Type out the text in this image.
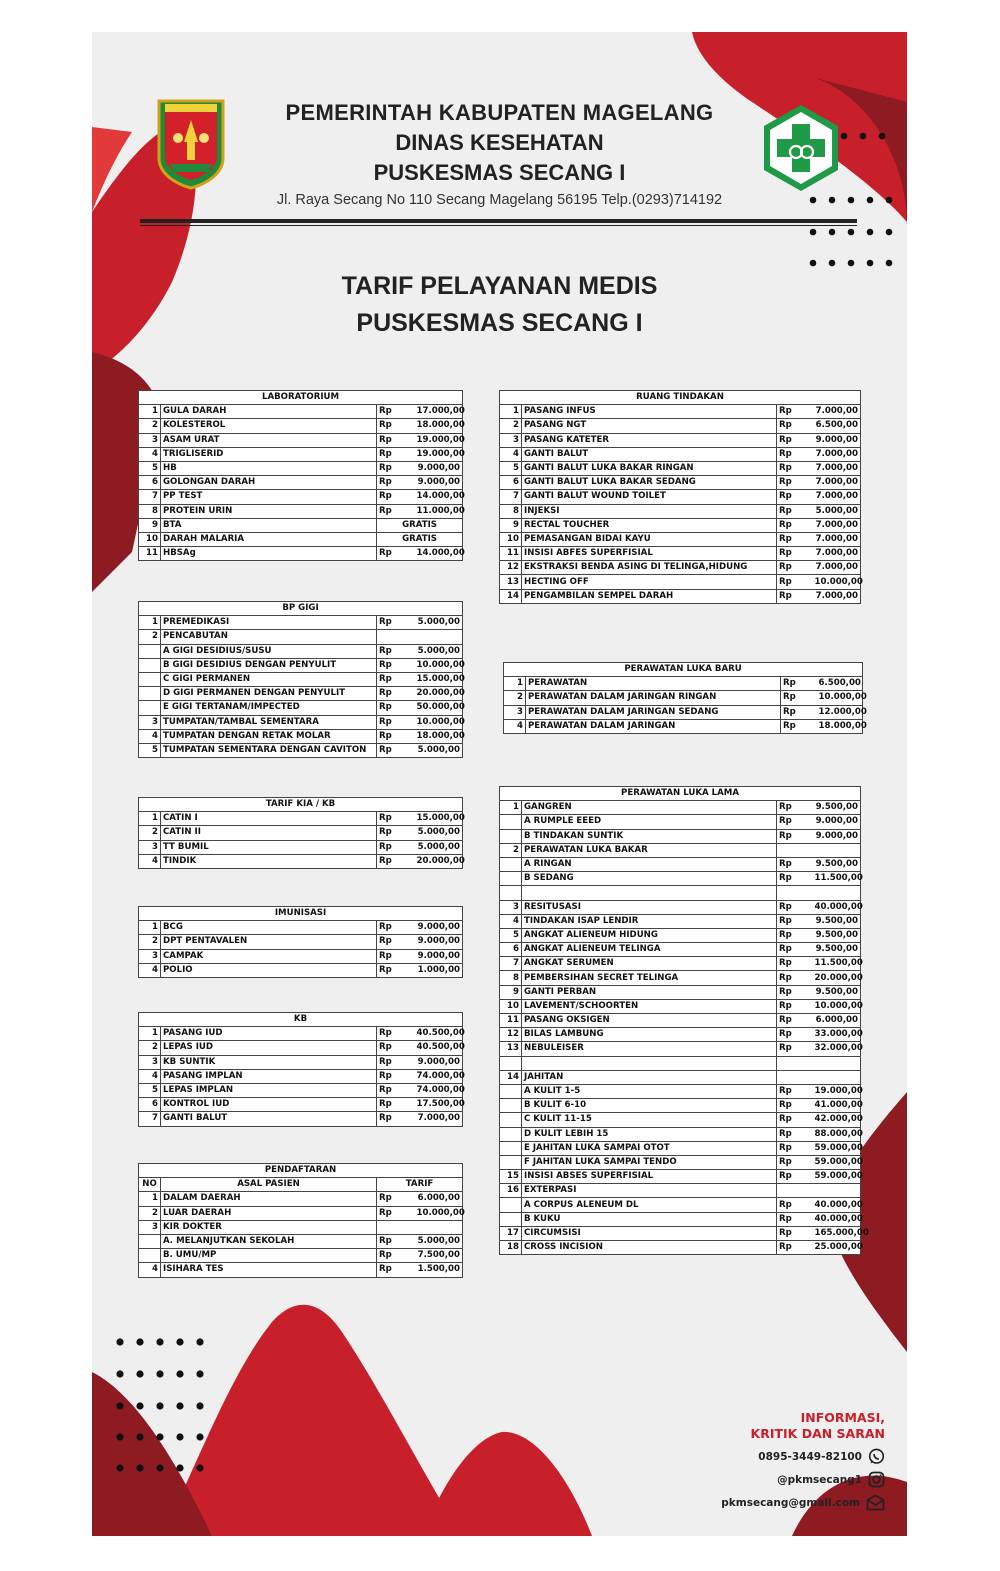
PEMERINTAH KABUPATEN MAGELANG
DINAS KESEHATAN
PUSKESMAS SECANG I
Jl. Raya Secang No 110 Secang Magelang 56195 Telp.(0293)714192
TARIF PELAYANAN MEDIS
PUSKESMAS SECANG I
LABORATORIUM			
1	GULA DARAH	Rp	17.000,00
2	KOLESTEROL	Rp	18.000,00
3	ASAM URAT	Rp	19.000,00
4	TRIGLISERID	Rp	19.000,00
5	HB	Rp	9.000,00
6	GOLONGAN DARAH	Rp	9.000,00
7	PP TEST	Rp	14.000,00
8	PROTEIN URIN	Rp	11.000,00
9	BTA	GRATIS	
10	DARAH MALARIA	GRATIS	
11	HBSAg	Rp	14.000,00
BP GIGI			
1	PREMEDIKASI	Rp	5.000,00
2	PENCABUTAN		
	A GIGI DESIDIUS/SUSU	Rp	5.000,00
	B GIGI DESIDIUS DENGAN PENYULIT	Rp	10.000,00
	C GIGI PERMANEN	Rp	15.000,00
	D GIGI PERMANEN DENGAN PENYULIT	Rp	20.000,00
	E GIGI TERTANAM/IMPECTED	Rp	50.000,00
3	TUMPATAN/TAMBAL SEMENTARA	Rp	10.000,00
4	TUMPATAN DENGAN RETAK MOLAR	Rp	18.000,00
5	TUMPATAN SEMENTARA DENGAN CAVITON	Rp	5.000,00
TARIF KIA / KB			
1	CATIN I	Rp	15.000,00
2	CATIN II	Rp	5.000,00
3	TT BUMIL	Rp	5.000,00
4	TINDIK	Rp	20.000,00
IMUNISASI			
1	BCG	Rp	9.000,00
2	DPT PENTAVALEN	Rp	9.000,00
3	CAMPAK	Rp	9.000,00
4	POLIO	Rp	1.000,00
KB			
1	PASANG IUD	Rp	40.500,00
2	LEPAS IUD	Rp	40.500,00
3	KB SUNTIK	Rp	9.000,00
4	PASANG IMPLAN	Rp	74.000,00
5	LEPAS IMPLAN	Rp	74.000,00
6	KONTROL IUD	Rp	17.500,00
7	GANTI BALUT	Rp	7.000,00
PENDAFTARAN			
NO	ASAL PASIEN	TARIF	
1	DALAM DAERAH	Rp	6.000,00
2	LUAR DAERAH	Rp	10.000,00
3	KIR DOKTER		
	A. MELANJUTKAN SEKOLAH	Rp	5.000,00
	B. UMU/MP	Rp	7.500,00
4	ISIHARA TES	Rp	1.500,00
RUANG TINDAKAN			
1	PASANG INFUS	Rp	7.000,00
2	PASANG NGT	Rp	6.500,00
3	PASANG KATETER	Rp	9.000,00
4	GANTI BALUT	Rp	7.000,00
5	GANTI BALUT LUKA BAKAR RINGAN	Rp	7.000,00
6	GANTI BALUT LUKA BAKAR SEDANG	Rp	7.000,00
7	GANTI BALUT WOUND TOILET	Rp	7.000,00
8	INJEKSI	Rp	5.000,00
9	RECTAL TOUCHER	Rp	7.000,00
10	PEMASANGAN BIDAI KAYU	Rp	7.000,00
11	INSISI ABFES SUPERFISIAL	Rp	7.000,00
12	EKSTRAKSI BENDA ASING DI TELINGA,HIDUNG	Rp	7.000,00
13	HECTING OFF	Rp	10.000,00
14	PENGAMBILAN SEMPEL DARAH	Rp	7.000,00
PERAWATAN LUKA BARU			
1	PERAWATAN	Rp	6.500,00
2	PERAWATAN DALAM JARINGAN RINGAN	Rp	10.000,00
3	PERAWATAN DALAM JARINGAN SEDANG	Rp	12.000,00
4	PERAWATAN DALAM JARINGAN	Rp	18.000,00
PERAWATAN LUKA LAMA			
1	GANGREN	Rp	9.500,00
	A RUMPLE EEED	Rp	9.000,00
	B TINDAKAN SUNTIK	Rp	9.000,00
2	PERAWATAN LUKA BAKAR		
	A RINGAN	Rp	9.500,00
	B SEDANG	Rp	11.500,00

3	RESITUSASI	Rp	40.000,00
4	TINDAKAN ISAP LENDIR	Rp	9.500,00
5	ANGKAT ALIENEUM HIDUNG	Rp	9.500,00
6	ANGKAT ALIENEUM TELINGA	Rp	9.500,00
7	ANGKAT SERUMEN	Rp	11.500,00
8	PEMBERSIHAN SECRET TELINGA	Rp	20.000,00
9	GANTI PERBAN	Rp	9.500,00
10	LAVEMENT/SCHOORTEN	Rp	10.000,00
11	PASANG OKSIGEN	Rp	6.000,00
12	BILAS LAMBUNG	Rp	33.000,00
13	NEBULEISER	Rp	32.000,00

14	JAHITAN		
	A KULIT 1-5	Rp	19.000,00
	B KULIT 6-10	Rp	41.000,00
	C KULIT 11-15	Rp	42.000,00
	D KULIT LEBIH 15	Rp	88.000,00
	E JAHITAN LUKA SAMPAI OTOT	Rp	59.000,00
	F JAHITAN LUKA SAMPAI TENDO	Rp	59.000,00
15	INSISI ABSES SUPERFISIAL	Rp	59.000,00
16	EXTERPASI		
	A CORPUS ALENEUM DL	Rp	40.000,00
	B KUKU	Rp	40.000,00
17	CIRCUMSISI	Rp	165.000,00
18	CROSS INCISION	Rp	25.000,00
INFORMASI,
KRITIK DAN SARAN
0895-3449-82100
@pkmsecang1
pkmsecang@gmail.com
